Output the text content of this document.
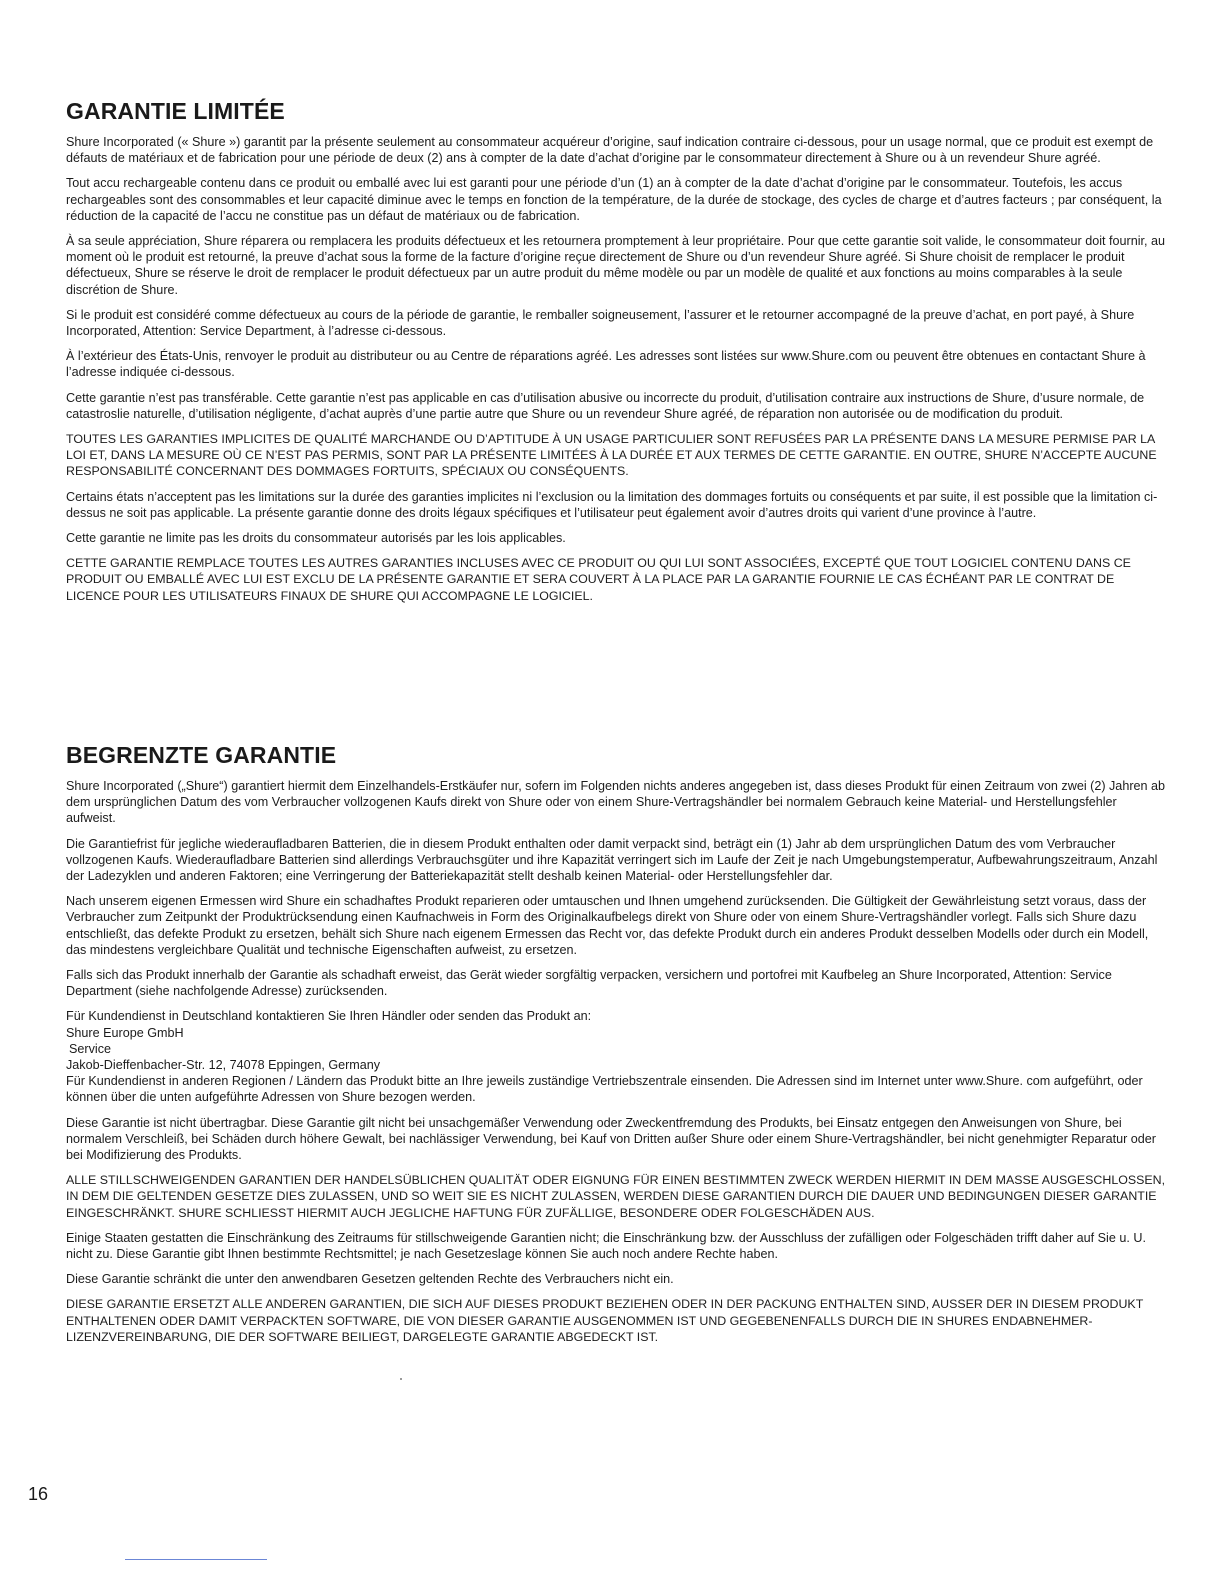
GARANTIE LIMITÉE

Shure Incorporated (« Shure ») garantit par la présente seulement au consommateur acquéreur d’origine, sauf indication contraire ci-dessous, pour un usage normal, que ce produit est exempt de défauts de matériaux et de fabrication pour une période de deux (2) ans à compter de la date d’achat d’origine par le consommateur directement à Shure ou à un revendeur Shure agréé.

Tout accu rechargeable contenu dans ce produit ou emballé avec lui est garanti pour une période d’un (1) an à compter de la date d’achat d’origine par le consommateur. Toutefois, les accus rechargeables sont des consommables et leur capacité diminue avec le temps en fonction de la température, de la durée de stockage, des cycles de charge et d’autres facteurs ; par conséquent, la réduction de la capacité de l’accu ne constitue pas un défaut de matériaux ou de fabrication.

À sa seule appréciation, Shure réparera ou remplacera les produits défectueux et les retournera promptement à leur propriétaire. Pour que cette garantie soit valide, le consommateur doit fournir, au moment où le produit est retourné, la preuve d’achat sous la forme de la facture d’origine reçue directement de Shure ou d’un revendeur Shure agréé. Si Shure choisit de remplacer le produit défectueux, Shure se réserve le droit de remplacer le produit défectueux par un autre produit du même modèle ou par un modèle de qualité et aux fonctions au moins comparables à la seule discrétion de Shure.

Si le produit est considéré comme défectueux au cours de la période de garantie, le remballer soigneusement, l’assurer et le retourner accompagné de la preuve d’achat, en port payé, à Shure Incorporated, Attention: Service Department, à l’adresse ci-dessous.

À l’extérieur des États-Unis, renvoyer le produit au distributeur ou au Centre de réparations agréé. Les adresses sont listées sur www.Shure.com ou peuvent être obtenues en contactant Shure à l’adresse indiquée ci-dessous.

Cette garantie n’est pas transférable. Cette garantie n’est pas applicable en cas d’utilisation abusive ou incorrecte du produit, d’utilisation contraire aux instructions de Shure, d’usure normale, de catastroslie naturelle, d’utilisation négligente, d’achat auprès d’une partie autre que Shure ou un revendeur Shure agréé, de réparation non autorisée ou de modification du produit.

TOUTES LES GARANTIES IMPLICITES DE QUALITÉ MARCHANDE OU D’APTITUDE À UN USAGE PARTICULIER SONT REFUSÉES PAR LA PRÉSENTE DANS LA MESURE PERMISE PAR LA LOI ET, DANS LA MESURE OÙ CE N’EST PAS PERMIS, SONT PAR LA PRÉSENTE LIMITÉES À LA DURÉE ET AUX TERMES DE CETTE GARANTIE. EN OUTRE, SHURE N’ACCEPTE AUCUNE RESPONSABILITÉ CONCERNANT DES DOMMAGES FORTUITS, SPÉCIAUX OU CONSÉQUENTS.

Certains états n’acceptent pas les limitations sur la durée des garanties implicites ni l’exclusion ou la limitation des dommages fortuits ou conséquents et par suite, il est possible que la limitation ci-dessus ne soit pas applicable. La présente garantie donne des droits légaux spécifiques et l’utilisateur peut également avoir d’autres droits qui varient d’une province à l’autre.

Cette garantie ne limite pas les droits du consommateur autorisés par les lois applicables.

CETTE GARANTIE REMPLACE TOUTES LES AUTRES GARANTIES INCLUSES AVEC CE PRODUIT OU QUI LUI SONT ASSOCIÉES, EXCEPTÉ QUE TOUT LOGICIEL CONTENU DANS CE PRODUIT OU EMBALLÉ AVEC LUI EST EXCLU DE LA PRÉSENTE GARANTIE ET SERA COUVERT À LA PLACE PAR LA GARANTIE FOURNIE LE CAS ÉCHÉANT PAR LE CONTRAT DE LICENCE POUR LES UTILISATEURS FINAUX DE SHURE QUI ACCOMPAGNE LE LOGICIEL.

BEGRENZTE GARANTIE

Shure Incorporated („Shure“) garantiert hiermit dem Einzelhandels-Erstkäufer nur, sofern im Folgenden nichts anderes angegeben ist, dass dieses Produkt für einen Zeitraum von zwei (2) Jahren ab dem ursprünglichen Datum des vom Verbraucher vollzogenen Kaufs direkt von Shure oder von einem Shure-Vertragshändler bei normalem Gebrauch keine Material- und Herstellungsfehler aufweist.

Die Garantiefrist für jegliche wiederaufladbaren Batterien, die in diesem Produkt enthalten oder damit verpackt sind, beträgt ein (1) Jahr ab dem ursprünglichen Datum des vom Verbraucher vollzogenen Kaufs. Wiederaufladbare Batterien sind allerdings Verbrauchsgüter und ihre Kapazität verringert sich im Laufe der Zeit je nach Umgebungstemperatur, Aufbewahrungszeitraum, Anzahl der Ladezyklen und anderen Faktoren; eine Verringerung der Batteriekapazität stellt deshalb keinen Material- oder Herstellungsfehler dar.

Nach unserem eigenen Ermessen wird Shure ein schadhaftes Produkt reparieren oder umtauschen und Ihnen umgehend zurücksenden. Die Gültigkeit der Gewährleistung setzt voraus, dass der Verbraucher zum Zeitpunkt der Produktrücksendung einen Kaufnachweis in Form des Originalkaufbelegs direkt von Shure oder von einem Shure-Vertragshändler vorlegt. Falls sich Shure dazu entschließt, das defekte Produkt zu ersetzen, behält sich Shure nach eigenem Ermessen das Recht vor, das defekte Produkt durch ein anderes Produkt desselben Modells oder durch ein Modell, das mindestens vergleichbare Qualität und technische Eigenschaften aufweist, zu ersetzen.

Falls sich das Produkt innerhalb der Garantie als schadhaft erweist, das Gerät wieder sorgfältig verpacken, versichern und portofrei mit Kaufbeleg an Shure Incorporated, Attention: Service Department (siehe nachfolgende Adresse) zurücksenden.

Für Kundendienst in Deutschland kontaktieren Sie Ihren Händler oder senden das Produkt an:

Shure Europe GmbH

Service

Jakob-Dieffenbacher-Str. 12, 74078 Eppingen, Germany

Für Kundendienst in anderen Regionen / Ländern das Produkt bitte an Ihre jeweils zuständige Vertriebszentrale einsenden. Die Adressen sind im Internet unter www.Shure. com aufgeführt, oder können über die unten aufgeführte Adressen von Shure bezogen werden.

Diese Garantie ist nicht übertragbar. Diese Garantie gilt nicht bei unsachgemäßer Verwendung oder Zweckentfremdung des Produkts, bei Einsatz entgegen den Anweisungen von Shure, bei normalem Verschleiß, bei Schäden durch höhere Gewalt, bei nachlässiger Verwendung, bei Kauf von Dritten außer Shure oder einem Shure-Vertragshändler, bei nicht genehmigter Reparatur oder bei Modifizierung des Produkts.

ALLE STILLSCHWEIGENDEN GARANTIEN DER HANDELSÜBLICHEN QUALITÄT ODER EIGNUNG FÜR EINEN BESTIMMTEN ZWECK WERDEN HIERMIT IN DEM MASSE AUSGESCHLOSSEN, IN DEM DIE GELTENDEN GESETZE DIES ZULASSEN, UND SO WEIT SIE ES NICHT ZULASSEN, WERDEN DIESE GARANTIEN DURCH DIE DAUER UND BEDINGUNGEN DIESER GARANTIE EINGESCHRÄNKT. SHURE SCHLIESST HIERMIT AUCH JEGLICHE HAFTUNG FÜR ZUFÄLLIGE, BESONDERE ODER FOLGESCHÄDEN AUS.

Einige Staaten gestatten die Einschränkung des Zeitraums für stillschweigende Garantien nicht; die Einschränkung bzw. der Ausschluss der zufälligen oder Folgeschäden trifft daher auf Sie u. U. nicht zu. Diese Garantie gibt Ihnen bestimmte Rechtsmittel; je nach Gesetzeslage können Sie auch noch andere Rechte haben.

Diese Garantie schränkt die unter den anwendbaren Gesetzen geltenden Rechte des Verbrauchers nicht ein.

DIESE GARANTIE ERSETZT ALLE ANDEREN GARANTIEN, DIE SICH AUF DIESES PRODUKT BEZIEHEN ODER IN DER PACKUNG ENTHALTEN SIND, AUSSER DER IN DIESEM PRODUKT ENTHALTENEN ODER DAMIT VERPACKTEN SOFTWARE, DIE VON DIESER GARANTIE AUSGENOMMEN IST UND GEGEBENENFALLS DURCH DIE IN SHURES ENDABNEHMER-LIZENZVEREINBARUNG, DIE DER SOFTWARE BEILIEGT, DARGELEGTE GARANTIE ABGEDECKT IST.

16
